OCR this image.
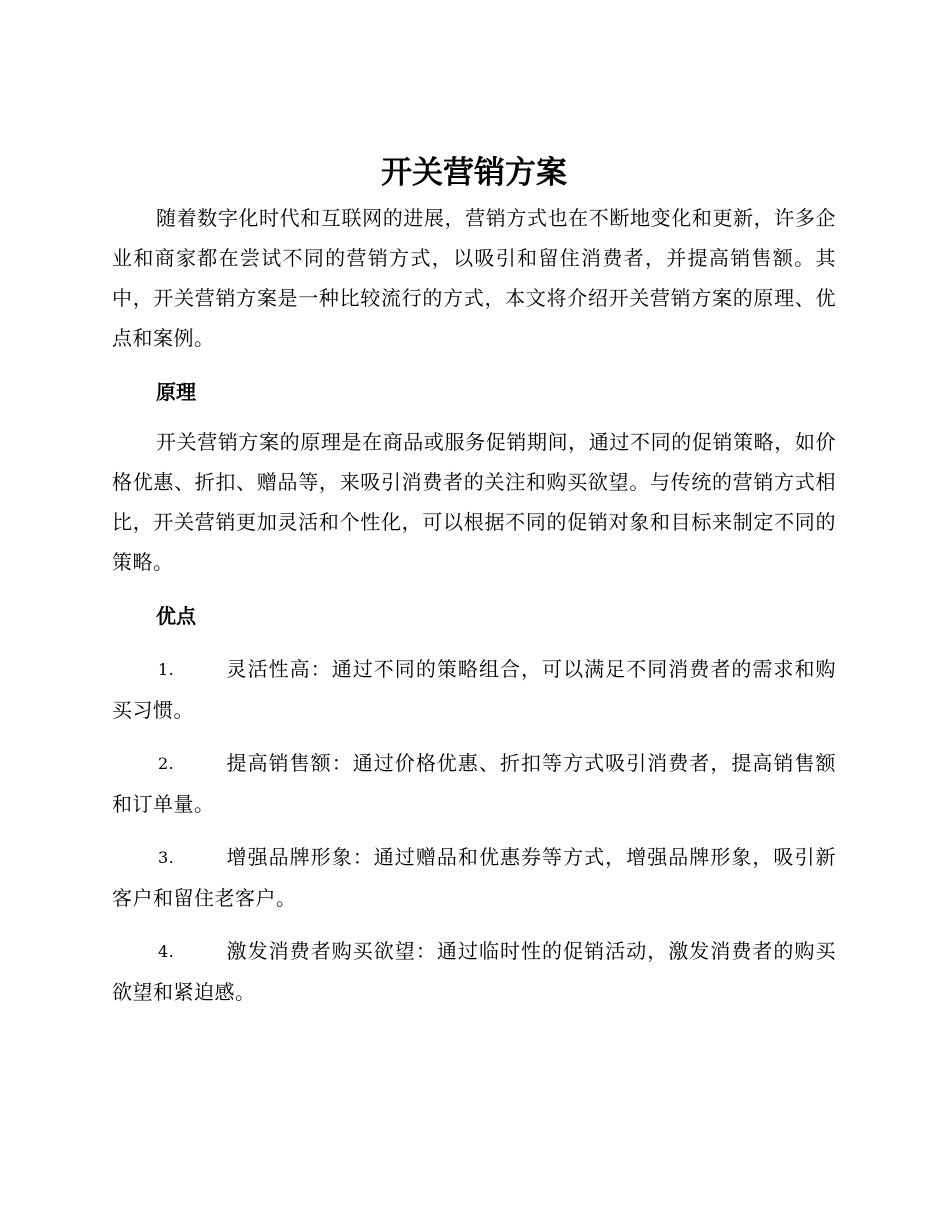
开关营销方案

随着数字化时代和互联网的进展，营销方式也在不断地变化和更新，许多企业和商家都在尝试不同的营销方式，以吸引和留住消费者，并提高销售额。其中，开关营销方案是一种比较流行的方式，本文将介绍开关营销方案的原理、优点和案例。

原理

开关营销方案的原理是在商品或服务促销期间，通过不同的促销策略，如价格优惠、折扣、赠品等，来吸引消费者的关注和购买欲望。与传统的营销方式相比，开关营销更加灵活和个性化，可以根据不同的促销对象和目标来制定不同的策略。

优点

1.	灵活性高：通过不同的策略组合，可以满足不同消费者的需求和购买习惯。

2.	提高销售额：通过价格优惠、折扣等方式吸引消费者，提高销售额和订单量。

3.	增强品牌形象：通过赠品和优惠券等方式，增强品牌形象，吸引新客户和留住老客户。

4.	激发消费者购买欲望：通过临时性的促销活动，激发消费者的购买欲望和紧迫感。
